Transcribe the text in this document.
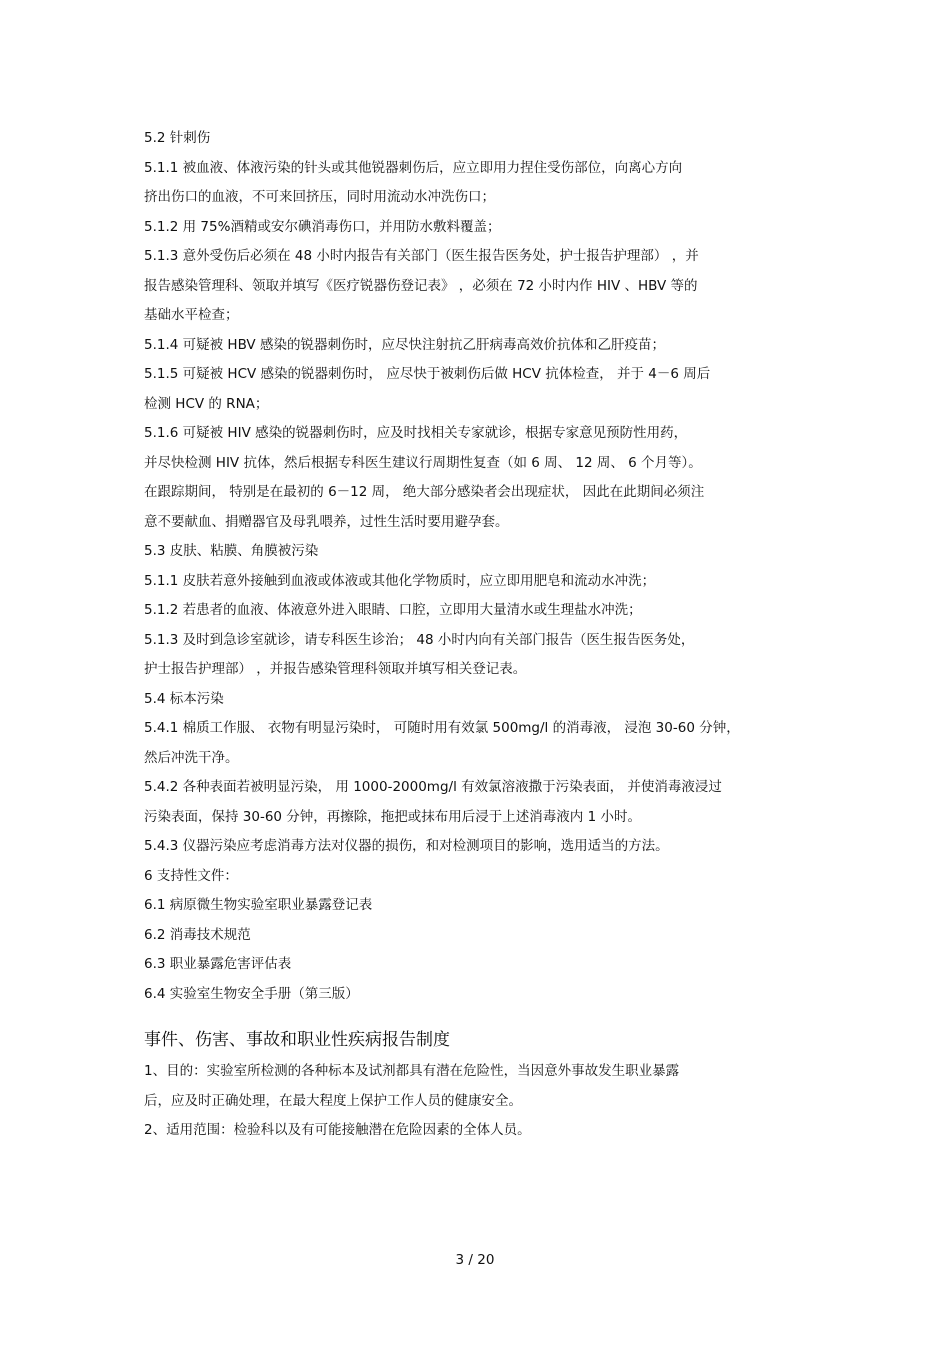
5.2 针刺伤
5.1.1 被血液、体液污染的针头或其他锐器刺伤后，应立即用力捏住受伤部位，向离心方向
挤出伤口的血液，不可来回挤压，同时用流动水冲洗伤口；
5.1.2 用 75%酒精或安尔碘消毒伤口，并用防水敷料覆盖；
5.1.3 意外受伤后必须在 48 小时内报告有关部门（医生报告医务处，护士报告护理部） ，并
报告感染管理科、领取并填写《医疗锐器伤登记表》 ，必须在 72 小时内作 HIV 、HBV 等的
基础水平检查；
5.1.4 可疑被 HBV 感染的锐器刺伤时，应尽快注射抗乙肝病毒高效价抗体和乙肝疫苗；
5.1.5 可疑被 HCV 感染的锐器刺伤时， 应尽快于被刺伤后做 HCV 抗体检查， 并于 4－6 周后
检测 HCV 的 RNA；
5.1.6 可疑被 HIV 感染的锐器刺伤时，应及时找相关专家就诊，根据专家意见预防性用药，
并尽快检测 HIV 抗体，然后根据专科医生建议行周期性复查（如 6 周、 12 周、 6 个月等）。
在跟踪期间， 特别是在最初的 6－12 周， 绝大部分感染者会出现症状， 因此在此期间必须注
意不要献血、捐赠器官及母乳喂养，过性生活时要用避孕套。
5.3 皮肤、粘膜、角膜被污染
5.1.1 皮肤若意外接触到血液或体液或其他化学物质时，应立即用肥皂和流动水冲洗；
5.1.2 若患者的血液、体液意外进入眼睛、口腔，立即用大量清水或生理盐水冲洗；
5.1.3 及时到急诊室就诊，请专科医生诊治； 48 小时内向有关部门报告（医生报告医务处，
护士报告护理部） ，并报告感染管理科领取并填写相关登记表。
5.4 标本污染
5.4.1 棉质工作服、 衣物有明显污染时， 可随时用有效氯 500mg/l 的消毒液， 浸泡 30-60 分钟，
然后冲洗干净。
5.4.2 各种表面若被明显污染， 用 1000-2000mg/l 有效氯溶液撒于污染表面， 并使消毒液浸过
污染表面，保持 30-60 分钟，再擦除，拖把或抹布用后浸于上述消毒液内 1 小时。
5.4.3 仪器污染应考虑消毒方法对仪器的损伤，和对检测项目的影响，选用适当的方法。
6 支持性文件：
6.1 病原微生物实验室职业暴露登记表
6.2 消毒技术规范
6.3 职业暴露危害评估表
6.4 实验室生物安全手册（第三版）
事件、伤害、事故和职业性疾病报告制度
1、目的：实验室所检测的各种标本及试剂都具有潜在危险性，当因意外事故发生职业暴露
后，应及时正确处理，在最大程度上保护工作人员的健康安全。
2、适用范围：检验科以及有可能接触潜在危险因素的全体人员。
3 / 20
